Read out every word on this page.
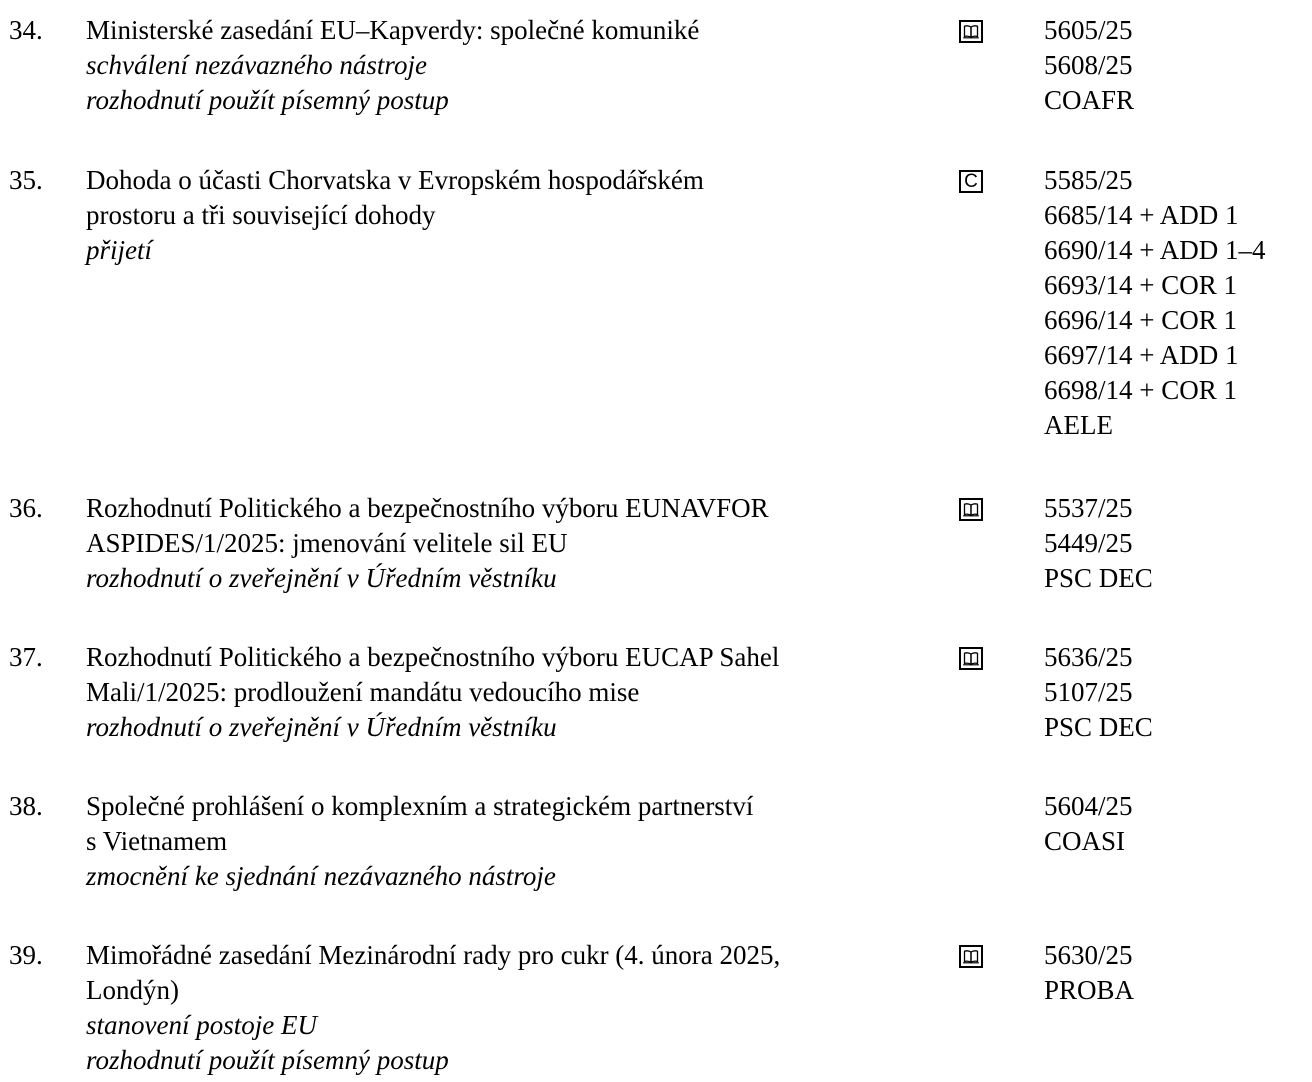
34. Ministerské zasedání EU–Kapverdy: společné komuniké
schválení nezávazného nástroje
rozhodnutí použít písemný postup
5605/25
5608/25
COAFR
35. Dohoda o účasti Chorvatska v Evropském hospodářském
prostoru a tři související dohody
přijetí
C 5585/25
6685/14 + ADD 1
6690/14 + ADD 1–4
6693/14 + COR 1
6696/14 + COR 1
6697/14 + ADD 1
6698/14 + COR 1
AELE
36. Rozhodnutí Politického a bezpečnostního výboru EUNAVFOR
ASPIDES/1/2025: jmenování velitele sil EU
rozhodnutí o zveřejnění v Úředním věstníku
5537/25
5449/25
PSC DEC
37. Rozhodnutí Politického a bezpečnostního výboru EUCAP Sahel
Mali/1/2025: prodloužení mandátu vedoucího mise
rozhodnutí o zveřejnění v Úředním věstníku
5636/25
5107/25
PSC DEC
38. Společné prohlášení o komplexním a strategickém partnerství
s Vietnamem
zmocnění ke sjednání nezávazného nástroje
5604/25
COASI
39. Mimořádné zasedání Mezinárodní rady pro cukr (4. února 2025,
Londýn)
stanovení postoje EU
rozhodnutí použít písemný postup
5630/25
PROBA
